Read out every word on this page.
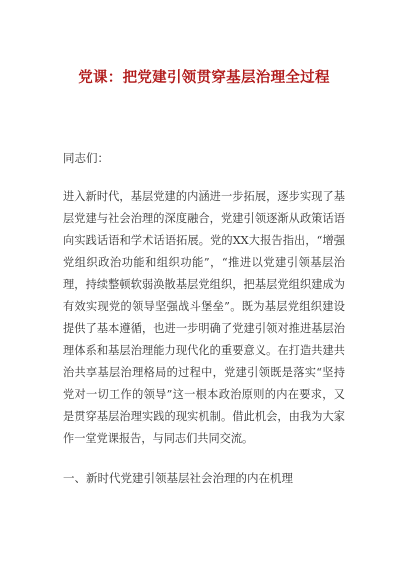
党课：把党建引领贯穿基层治理全过程
同志们：
进入新时代，基层党建的内涵进一步拓展，逐步实现了基
层党建与社会治理的深度融合，党建引领逐渐从政策话语
向实践话语和学术话语拓展。党的XX大报告指出，“增强
党组织政治功能和组织功能”，“推进以党建引领基层治
理，持续整顿软弱涣散基层党组织，把基层党组织建成为
有效实现党的领导坚强战斗堡垒”。既为基层党组织建设
提供了基本遵循，也进一步明确了党建引领对推进基层治
理体系和基层治理能力现代化的重要意义。在打造共建共
治共享基层治理格局的过程中，党建引领既是落实“坚持
党对一切工作的领导”这一根本政治原则的内在要求，又
是贯穿基层治理实践的现实机制。借此机会，由我为大家
作一堂党课报告，与同志们共同交流。
一、新时代党建引领基层社会治理的内在机理
